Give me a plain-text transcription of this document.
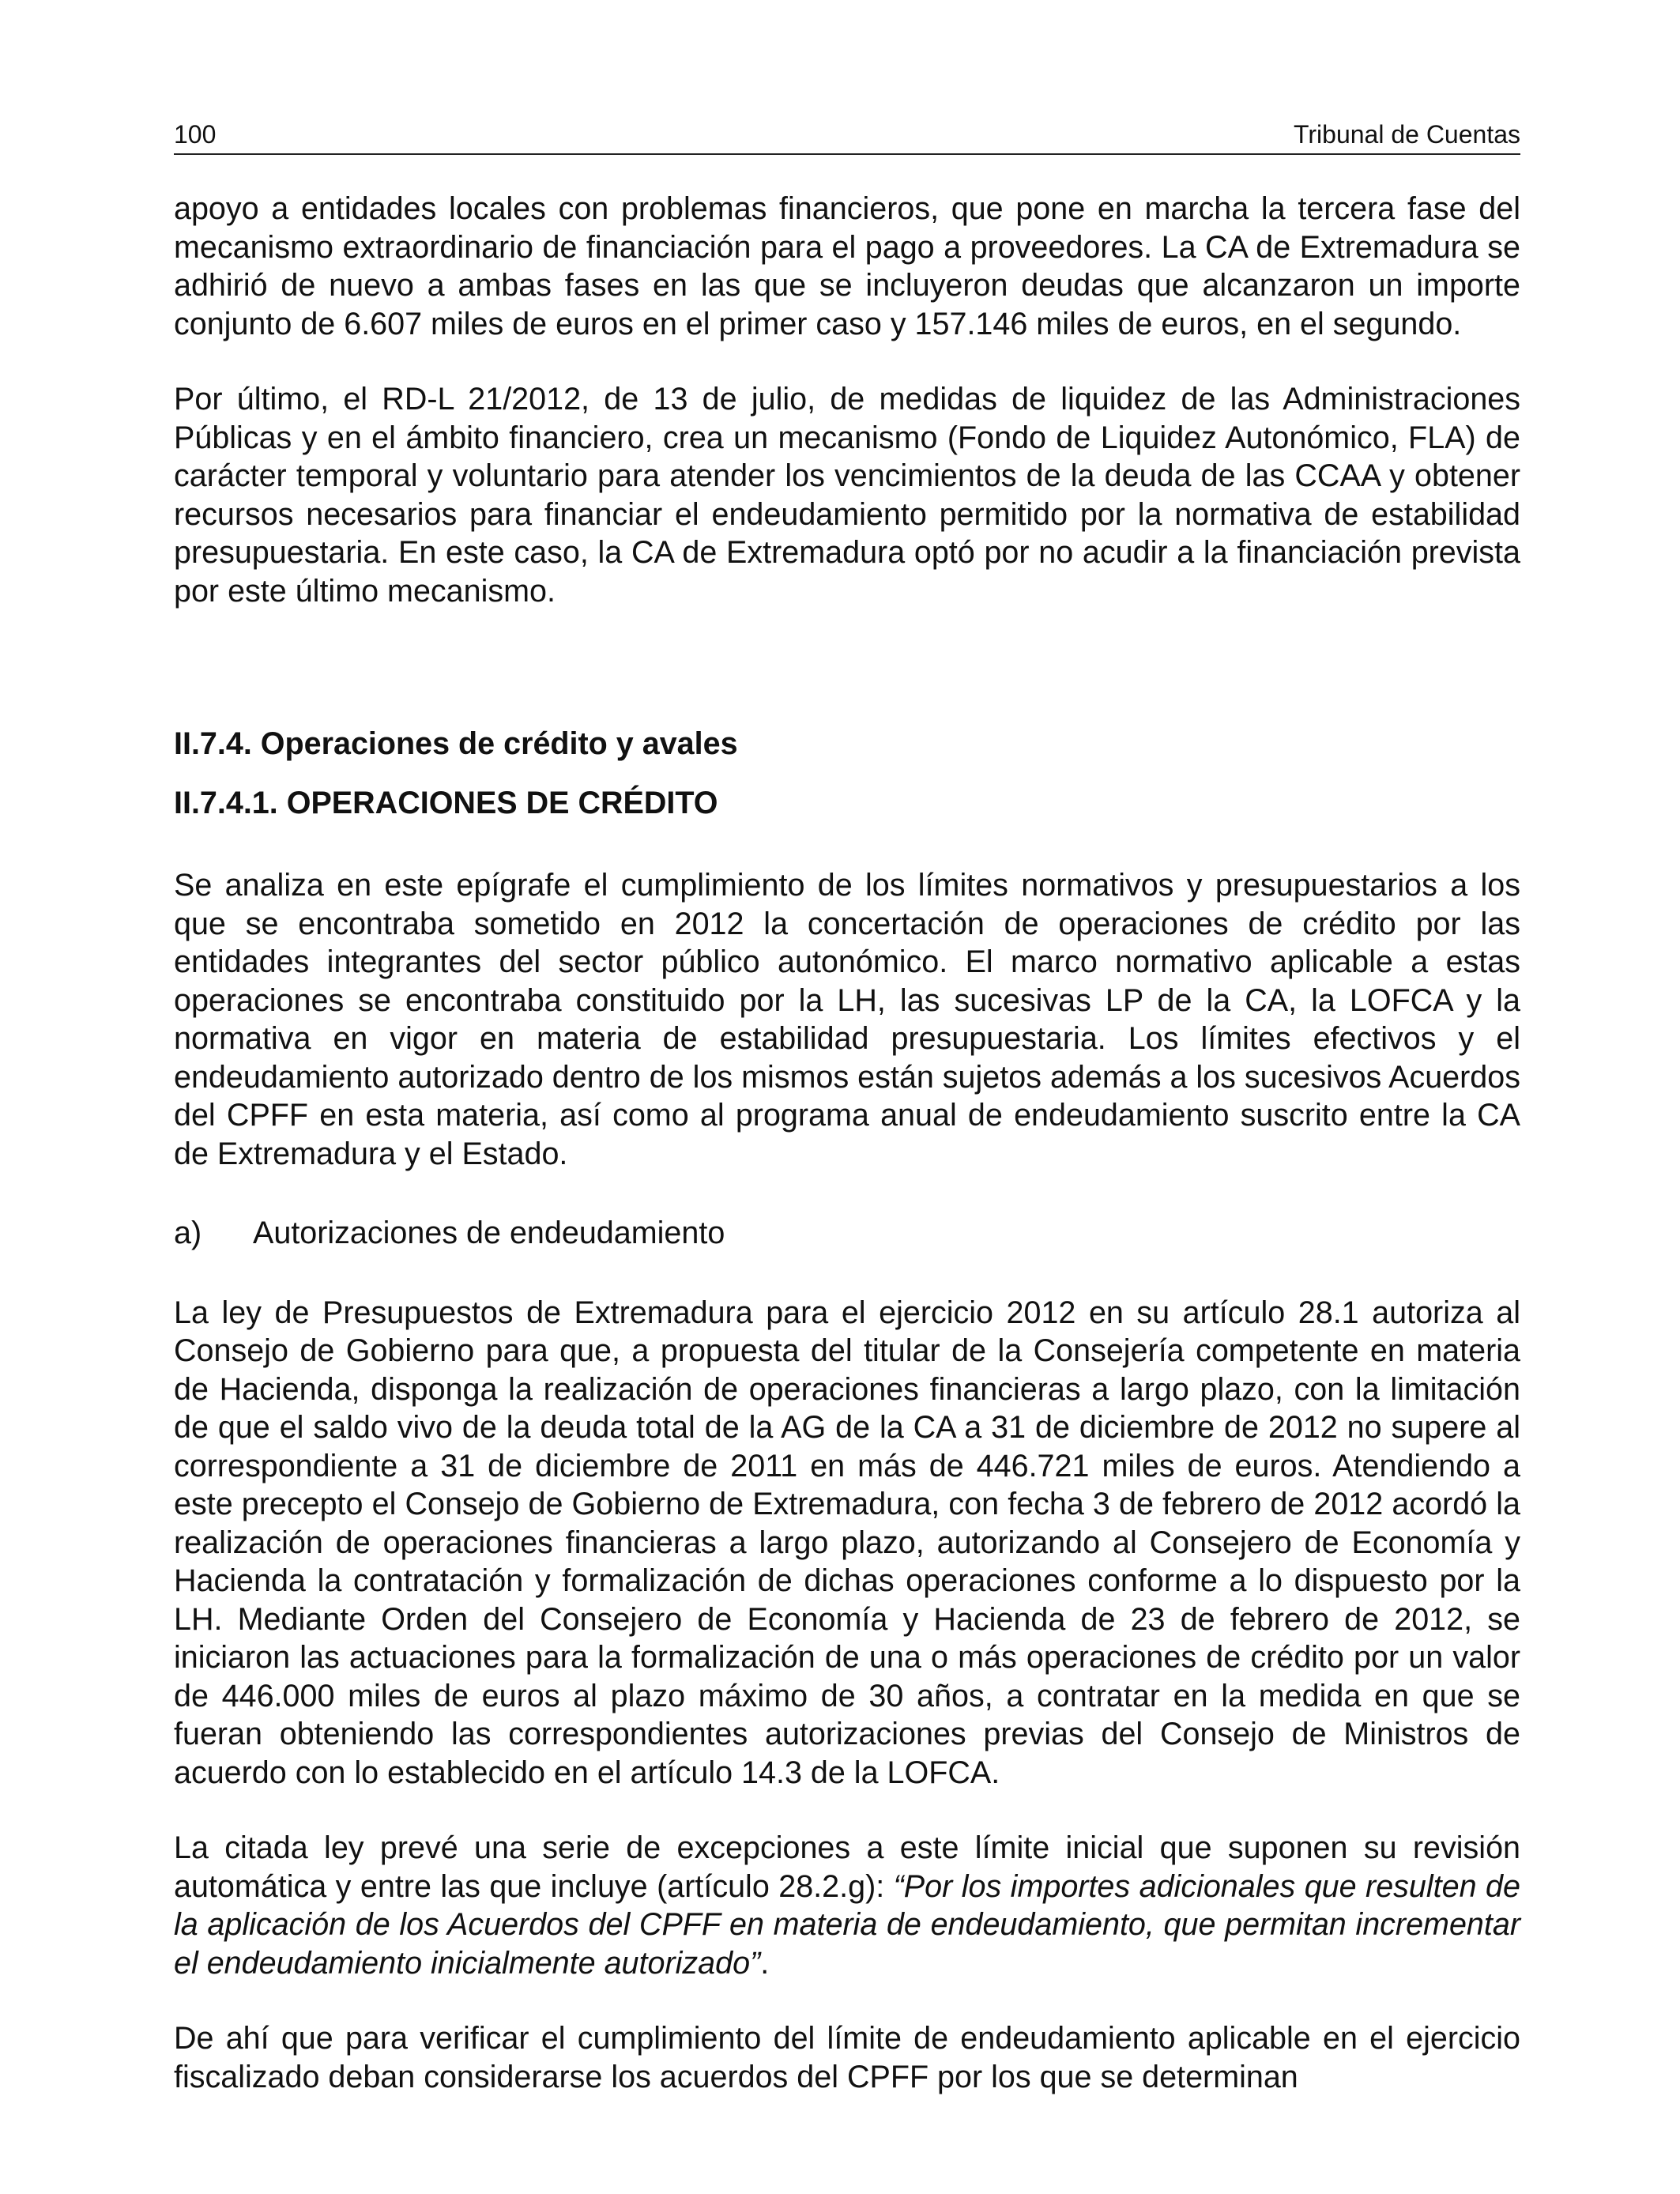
100	Tribunal de Cuentas

apoyo a entidades locales con problemas financieros, que pone en marcha la tercera fase del mecanismo extraordinario de financiación para el pago a proveedores. La CA de Extremadura se adhirió de nuevo a ambas fases en las que se incluyeron deudas que alcanzaron un importe conjunto de 6.607 miles de euros en el primer caso y 157.146 miles de euros, en el segundo.

Por último, el RD-L 21/2012, de 13 de julio, de medidas de liquidez de las Administraciones Públicas y en el ámbito financiero, crea un mecanismo (Fondo de Liquidez Autonómico, FLA) de carácter temporal y voluntario para atender los vencimientos de la deuda de las CCAA y obtener recursos necesarios para financiar el endeudamiento permitido por la normativa de estabilidad presupuestaria. En este caso, la CA de Extremadura optó por no acudir a la financiación prevista por este último mecanismo.

II.7.4. Operaciones de crédito y avales
II.7.4.1. OPERACIONES DE CRÉDITO

Se analiza en este epígrafe el cumplimiento de los límites normativos y presupuestarios a los que se encontraba sometido en 2012 la concertación de operaciones de crédito por las entidades integrantes del sector público autonómico. El marco normativo aplicable a estas operaciones se encontraba constituido por la LH, las sucesivas LP de la CA, la LOFCA y la normativa en vigor en materia de estabilidad presupuestaria. Los límites efectivos y el endeudamiento autorizado dentro de los mismos están sujetos además a los sucesivos Acuerdos del CPFF en esta materia, así como al programa anual de endeudamiento suscrito entre la CA de Extremadura y el Estado.

a)	Autorizaciones de endeudamiento

La ley de Presupuestos de Extremadura para el ejercicio 2012 en su artículo 28.1 autoriza al Consejo de Gobierno para que, a propuesta del titular de la Consejería competente en materia de Hacienda, disponga la realización de operaciones financieras a largo plazo, con la limitación de que el saldo vivo de la deuda total de la AG de la CA a 31 de diciembre de 2012 no supere al correspondiente a 31 de diciembre de 2011 en más de 446.721 miles de euros. Atendiendo a este precepto el Consejo de Gobierno de Extremadura, con fecha 3 de febrero de 2012 acordó la realización de operaciones financieras a largo plazo, autorizando al Consejero de Economía y Hacienda la contratación y formalización de dichas operaciones conforme a lo dispuesto por la LH. Mediante Orden del Consejero de Economía y Hacienda de 23 de febrero de 2012, se iniciaron las actuaciones para la formalización de una o más operaciones de crédito por un valor de 446.000 miles de euros al plazo máximo de 30 años, a contratar en la medida en que se fueran obteniendo las correspondientes autorizaciones previas del Consejo de Ministros de acuerdo con lo establecido en el artículo 14.3 de la LOFCA.

La citada ley prevé una serie de excepciones a este límite inicial que suponen su revisión automática y entre las que incluye (artículo 28.2.g): “Por los importes adicionales que resulten de la aplicación de los Acuerdos del CPFF en materia de endeudamiento, que permitan incrementar el endeudamiento inicialmente autorizado”.

De ahí que para verificar el cumplimiento del límite de endeudamiento aplicable en el ejercicio fiscalizado deban considerarse los acuerdos del CPFF por los que se determinan
